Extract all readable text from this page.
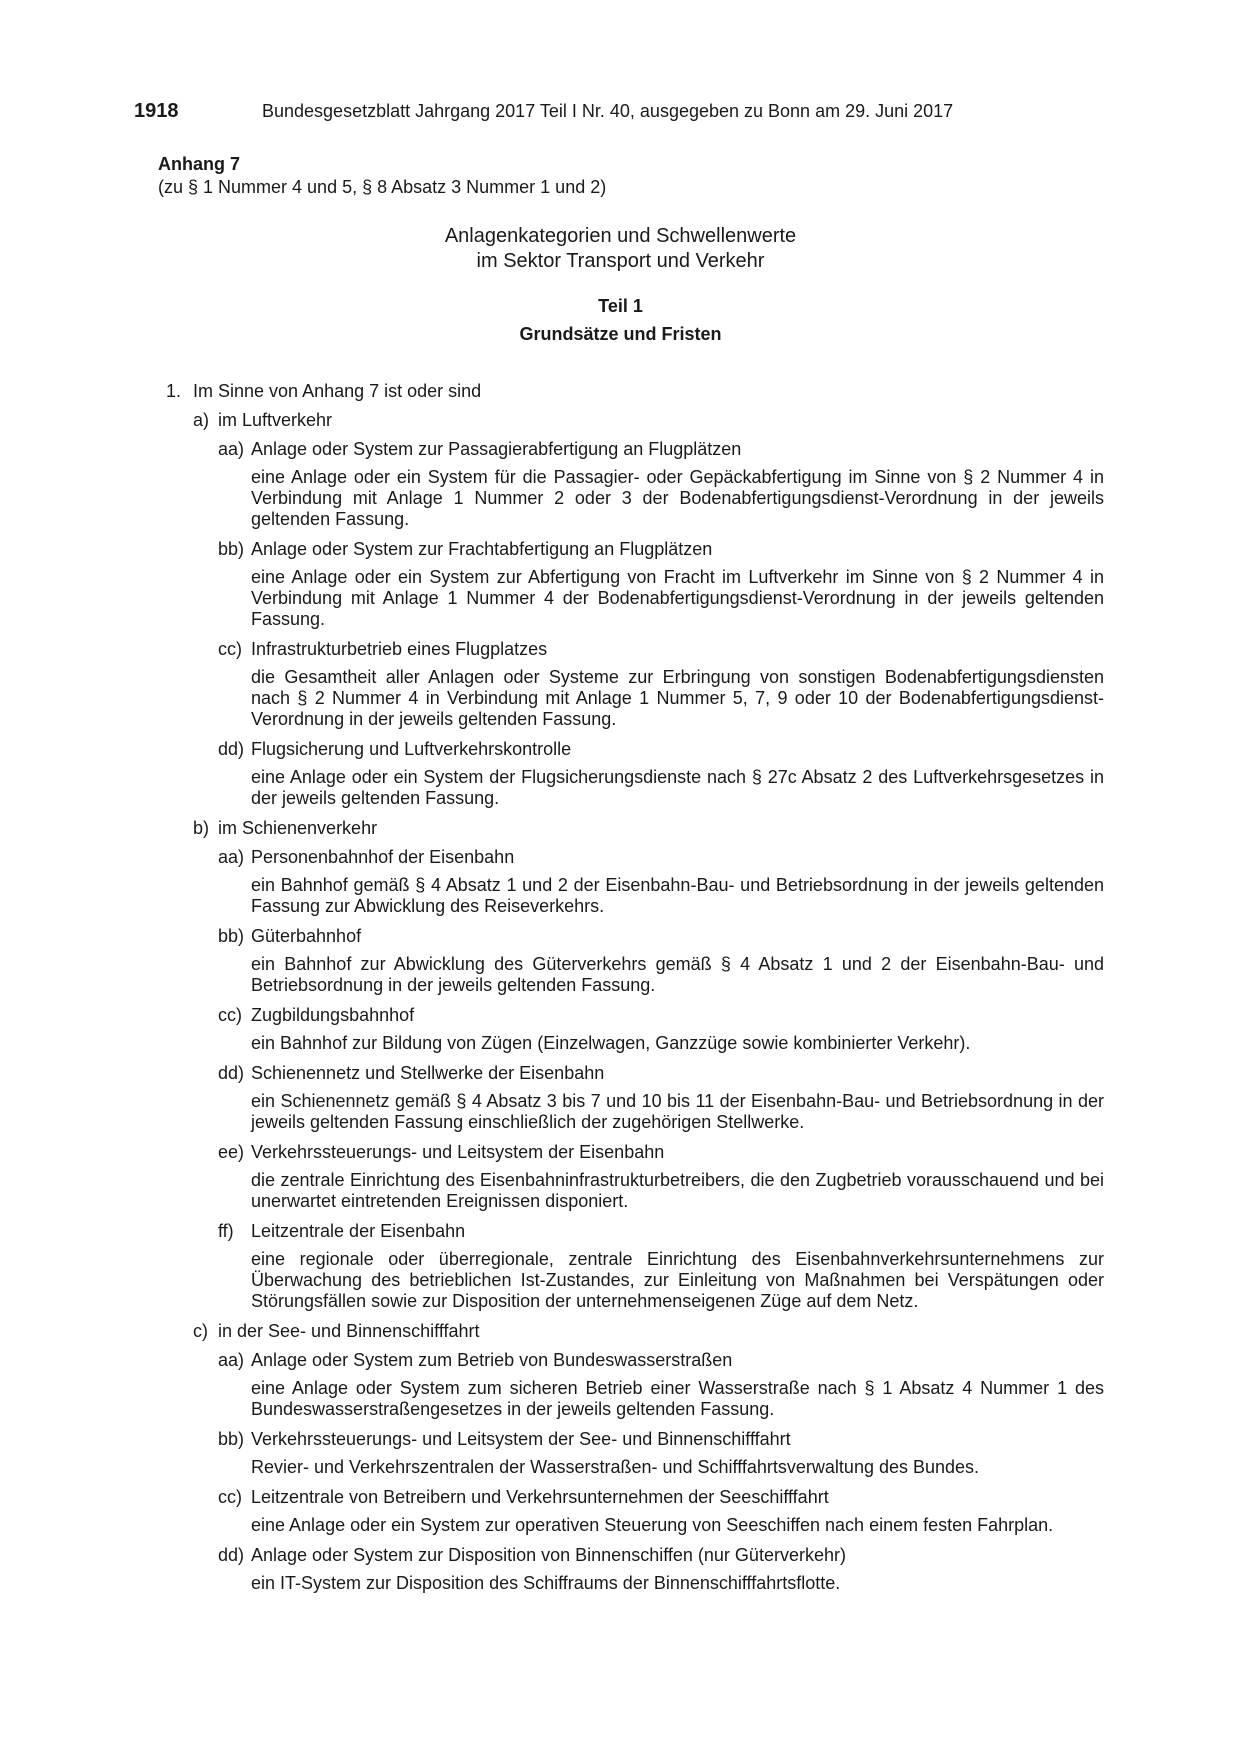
1918	Bundesgesetzblatt Jahrgang 2017 Teil I Nr. 40, ausgegeben zu Bonn am 29. Juni 2017
Anhang 7
(zu § 1 Nummer 4 und 5, § 8 Absatz 3 Nummer 1 und 2)
Anlagenkategorien und Schwellenwerte
im Sektor Transport und Verkehr
Teil 1
Grundsätze und Fristen
1. Im Sinne von Anhang 7 ist oder sind
a) im Luftverkehr
aa) Anlage oder System zur Passagierabfertigung an Flugplätzen
eine Anlage oder ein System für die Passagier- oder Gepäckabfertigung im Sinne von § 2 Nummer 4 in Verbindung mit Anlage 1 Nummer 2 oder 3 der Bodenabfertigungsdienst-Verordnung in der jeweils geltenden Fassung.
bb) Anlage oder System zur Frachtabfertigung an Flugplätzen
eine Anlage oder ein System zur Abfertigung von Fracht im Luftverkehr im Sinne von § 2 Nummer 4 in Verbindung mit Anlage 1 Nummer 4 der Bodenabfertigungsdienst-Verordnung in der jeweils geltenden Fassung.
cc) Infrastrukturbetrieb eines Flugplatzes
die Gesamtheit aller Anlagen oder Systeme zur Erbringung von sonstigen Bodenabfertigungsdiensten nach § 2 Nummer 4 in Verbindung mit Anlage 1 Nummer 5, 7, 9 oder 10 der Bodenabfertigungsdienst-Verordnung in der jeweils geltenden Fassung.
dd) Flugsicherung und Luftverkehrskontrolle
eine Anlage oder ein System der Flugsicherungsdienste nach § 27c Absatz 2 des Luftverkehrsgesetzes in der jeweils geltenden Fassung.
b) im Schienenverkehr
aa) Personenbahnhof der Eisenbahn
ein Bahnhof gemäß § 4 Absatz 1 und 2 der Eisenbahn-Bau- und Betriebsordnung in der jeweils geltenden Fassung zur Abwicklung des Reiseverkehrs.
bb) Güterbahnhof
ein Bahnhof zur Abwicklung des Güterverkehrs gemäß § 4 Absatz 1 und 2 der Eisenbahn-Bau- und Betriebsordnung in der jeweils geltenden Fassung.
cc) Zugbildungsbahnhof
ein Bahnhof zur Bildung von Zügen (Einzelwagen, Ganzzüge sowie kombinierter Verkehr).
dd) Schienennetz und Stellwerke der Eisenbahn
ein Schienennetz gemäß § 4 Absatz 3 bis 7 und 10 bis 11 der Eisenbahn-Bau- und Betriebsordnung in der jeweils geltenden Fassung einschließlich der zugehörigen Stellwerke.
ee) Verkehrssteuerungs- und Leitsystem der Eisenbahn
die zentrale Einrichtung des Eisenbahninfrastrukturbetreibers, die den Zugbetrieb vorausschauend und bei unerwartet eintretenden Ereignissen disponiert.
ff) Leitzentrale der Eisenbahn
eine regionale oder überregionale, zentrale Einrichtung des Eisenbahnverkehrsunternehmens zur Überwachung des betrieblichen Ist-Zustandes, zur Einleitung von Maßnahmen bei Verspätungen oder Störungsfällen sowie zur Disposition der unternehmenseigenen Züge auf dem Netz.
c) in der See- und Binnenschifffahrt
aa) Anlage oder System zum Betrieb von Bundeswasserstraßen
eine Anlage oder System zum sicheren Betrieb einer Wasserstraße nach § 1 Absatz 4 Nummer 1 des Bundeswasserstraßengesetzes in der jeweils geltenden Fassung.
bb) Verkehrssteuerungs- und Leitsystem der See- und Binnenschifffahrt
Revier- und Verkehrszentralen der Wasserstraßen- und Schifffahrtsverwaltung des Bundes.
cc) Leitzentrale von Betreibern und Verkehrsunternehmen der Seeschifffahrt
eine Anlage oder ein System zur operativen Steuerung von Seeschiffen nach einem festen Fahrplan.
dd) Anlage oder System zur Disposition von Binnenschiffen (nur Güterverkehr)
ein IT-System zur Disposition des Schiffraums der Binnenschifffahrtsflotte.
